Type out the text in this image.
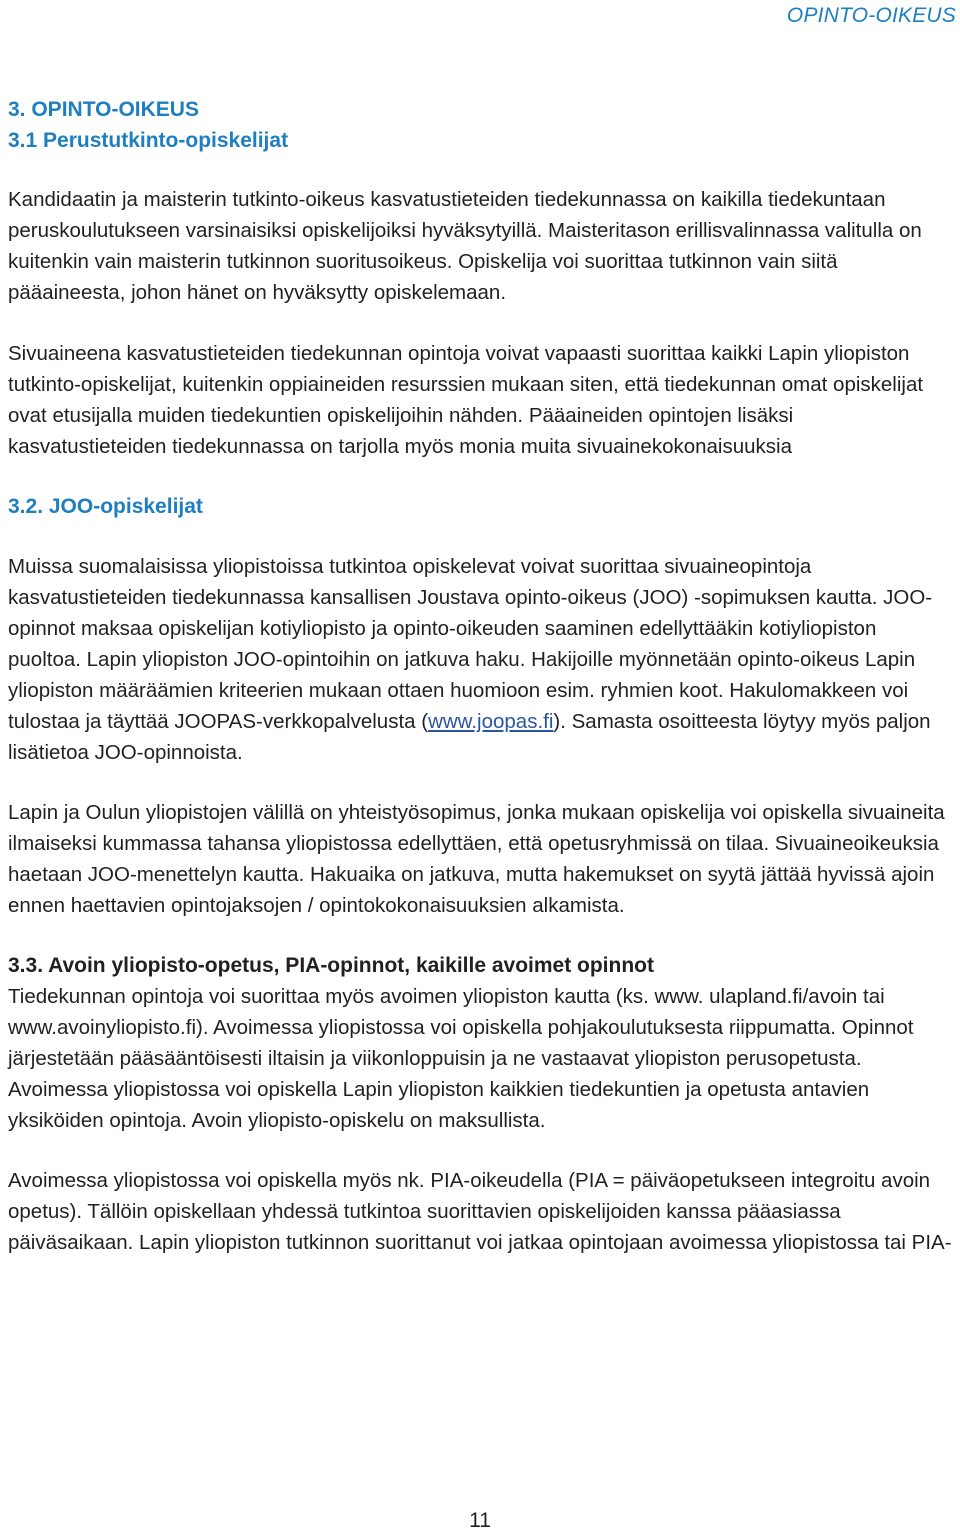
OPINTO-OIKEUS
3. OPINTO-OIKEUS
3.1 Perustutkinto-opiskelijat

Kandidaatin ja maisterin tutkinto-oikeus kasvatustieteiden tiedekunnassa on kaikilla tiedekuntaan peruskoulutukseen varsinaisiksi opiskelijoiksi hyväksytyillä. Maisteritason erillisvalinnassa valitulla on kuitenkin vain maisterin tutkinnon suoritusoikeus. Opiskelija voi suorittaa tutkinnon vain siitä pääaineesta, johon hänet on hyväksytty opiskelemaan.

Sivuaineena kasvatustieteiden tiedekunnan opintoja voivat vapaasti suorittaa kaikki Lapin yliopiston tutkinto-opiskelijat, kuitenkin oppiaineiden resurssien mukaan siten, että tiedekunnan omat opiskelijat ovat etusijalla muiden tiedekuntien opiskelijoihin nähden. Pääaineiden opintojen lisäksi kasvatustieteiden tiedekunnassa on tarjolla myös monia muita sivuainekokonaisuuksia

3.2. JOO-opiskelijat

Muissa suomalaisissa yliopistoissa tutkintoa opiskelevat voivat suorittaa sivuaineopintoja kasvatustieteiden tiedekunnassa kansallisen Joustava opinto-oikeus (JOO) -sopimuksen kautta. JOO-opinnot maksaa opiskelijan kotiyliopisto ja opinto-oikeuden saaminen edellyttääkin kotiyliopiston puoltoa. Lapin yliopiston JOO-opintoihin on jatkuva haku. Hakijoille myönnetään opinto-oikeus Lapin yliopiston määräämien kriteerien mukaan ottaen huomioon esim. ryhmien koot. Hakulomakkeen voi tulostaa ja täyttää JOOPAS-verkkopalvelusta (www.joopas.fi). Samasta osoitteesta löytyy myös paljon lisätietoa JOO-opinnoista.

Lapin ja Oulun yliopistojen välillä on yhteistyösopimus, jonka mukaan opiskelija voi opiskella sivuaineita ilmaiseksi kummassa tahansa yliopistossa edellyttäen, että opetusryhmissä on tilaa. Sivuaineoikeuksia haetaan JOO-menettelyn kautta. Hakuaika on jatkuva, mutta hakemukset on syytä jättää hyvissä ajoin ennen haettavien opintojaksojen / opintokokonaisuuksien alkamista.

3.3. Avoin yliopisto-opetus, PIA-opinnot, kaikille avoimet opinnot

Tiedekunnan opintoja voi suorittaa myös avoimen yliopiston kautta (ks. www. ulapland.fi/avoin tai www.avoinyliopisto.fi). Avoimessa yliopistossa voi opiskella pohjakoulutuksesta riippumatta. Opinnot järjestetään pääsääntöisesti iltaisin ja viikonloppuisin ja ne vastaavat yliopiston perusopetusta. Avoimessa yliopistossa voi opiskella Lapin yliopiston kaikkien tiedekuntien ja opetusta antavien yksiköiden opintoja. Avoin yliopisto-opiskelu on maksullista.

Avoimessa yliopistossa voi opiskella myös nk. PIA-oikeudella (PIA = päiväopetukseen integroitu avoin opetus). Tällöin opiskellaan yhdessä tutkintoa suorittavien opiskelijoiden kanssa pääasiassa päiväsaikaan. Lapin yliopiston tutkinnon suorittanut voi jatkaa opintojaan avoimessa yliopistossa tai PIA-

11
